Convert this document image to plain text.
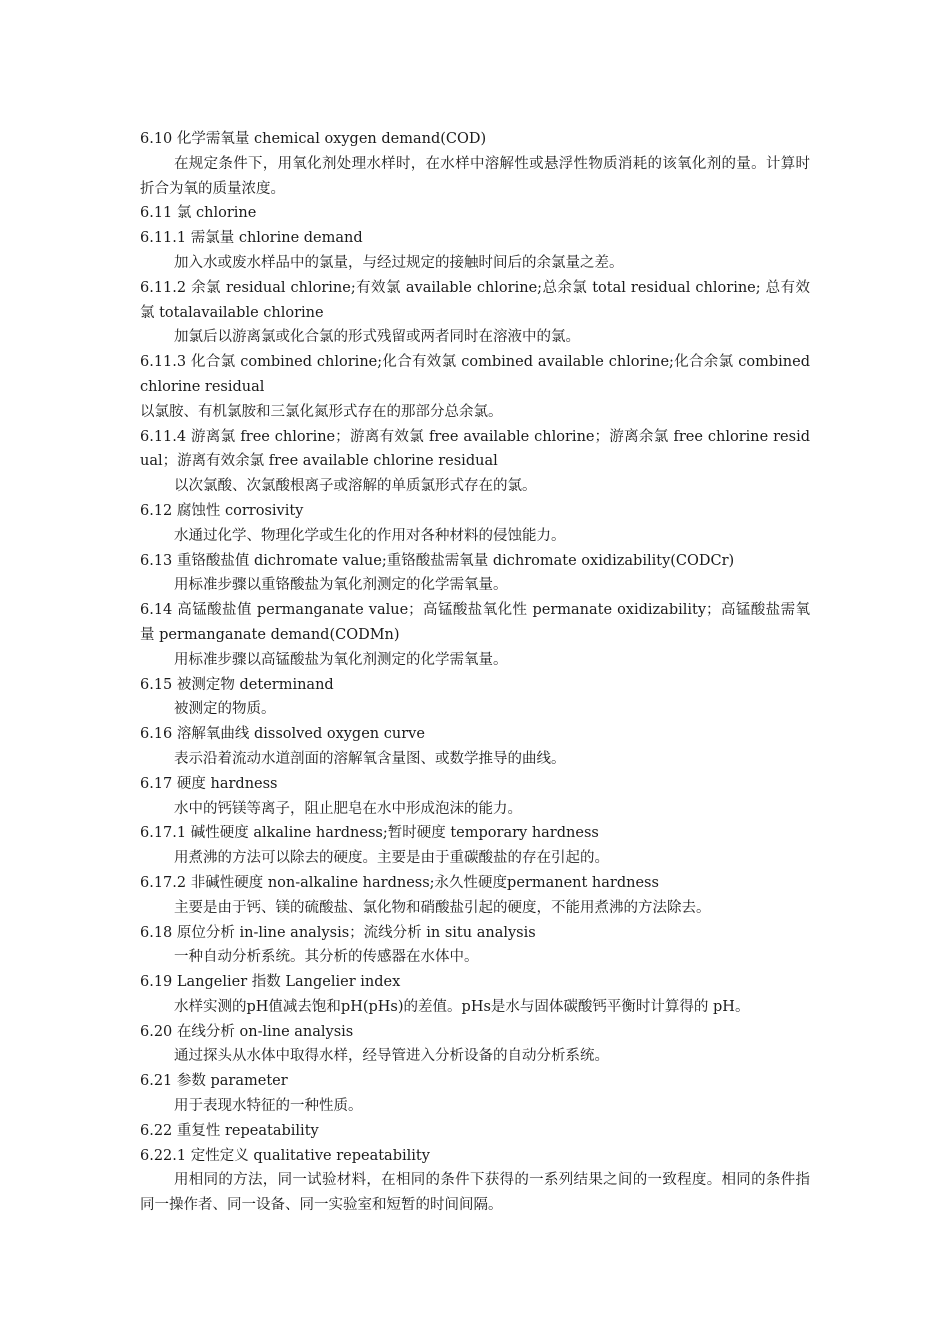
6.10 化学需氧量 chemical oxygen demand(COD)

在规定条件下，用氧化剂处理水样时，在水样中溶解性或悬浮性物质消耗的该氧化剂的量。计算时折合为氧的质量浓度。

6.11 氯 chlorine

6.11.1 需氯量 chlorine demand

加入水或废水样品中的氯量，与经过规定的接触时间后的余氯量之差。

6.11.2 余氯 residual chlorine;有效氯 available chlorine;总余氯 total residual chlorine; 总有效氯 totalavailable chlorine

加氯后以游离氯或化合氯的形式残留或两者同时在溶液中的氯。

6.11.3 化合氯 combined chlorine;化合有效氯 combined available chlorine;化合余氯 combined chlorine residual

以氯胺、有机氯胺和三氯化氮形式存在的那部分总余氯。

6.11.4 游离氯 free chlorine；游离有效氯 free available chlorine；游离余氯 free chlorine residual；游离有效余氯 free available chlorine residual

以次氯酸、次氯酸根离子或溶解的单质氯形式存在的氯。

6.12 腐蚀性 corrosivity

水通过化学、物理化学或生化的作用对各种材料的侵蚀能力。

6.13 重铬酸盐值 dichromate value;重铬酸盐需氧量 dichromate oxidizability(CODCr)

用标准步骤以重铬酸盐为氧化剂测定的化学需氧量。

6.14 高锰酸盐值 permanganate value；高锰酸盐氧化性 permanate oxidizability；高锰酸盐需氧量 permanganate demand(CODMn)

用标准步骤以高锰酸盐为氧化剂测定的化学需氧量。

6.15 被测定物 determinand

被测定的物质。

6.16 溶解氧曲线 dissolved oxygen curve

表示沿着流动水道剖面的溶解氧含量图、或数学推导的曲线。

6.17 硬度 hardness

水中的钙镁等离子，阻止肥皂在水中形成泡沫的能力。

6.17.1 碱性硬度 alkaline hardness;暂时硬度 temporary hardness

用煮沸的方法可以除去的硬度。主要是由于重碳酸盐的存在引起的。

6.17.2 非碱性硬度 non-alkaline hardness;永久性硬度permanent hardness

主要是由于钙、镁的硫酸盐、氯化物和硝酸盐引起的硬度，不能用煮沸的方法除去。

6.18 原位分析 in-line analysis；流线分析 in situ analysis

一种自动分析系统。其分析的传感器在水体中。

6.19 Langelier 指数 Langelier index

水样实测的pH值减去饱和pH(pHs)的差值。pHs是水与固体碳酸钙平衡时计算得的 pH。

6.20 在线分析 on-line analysis

通过探头从水体中取得水样，经导管进入分析设备的自动分析系统。

6.21 参数 parameter

用于表现水特征的一种性质。

6.22 重复性 repeatability

6.22.1 定性定义 qualitative repeatability

用相同的方法，同一试验材料，在相同的条件下获得的一系列结果之间的一致程度。相同的条件指同一操作者、同一设备、同一实验室和短暂的时间间隔。
